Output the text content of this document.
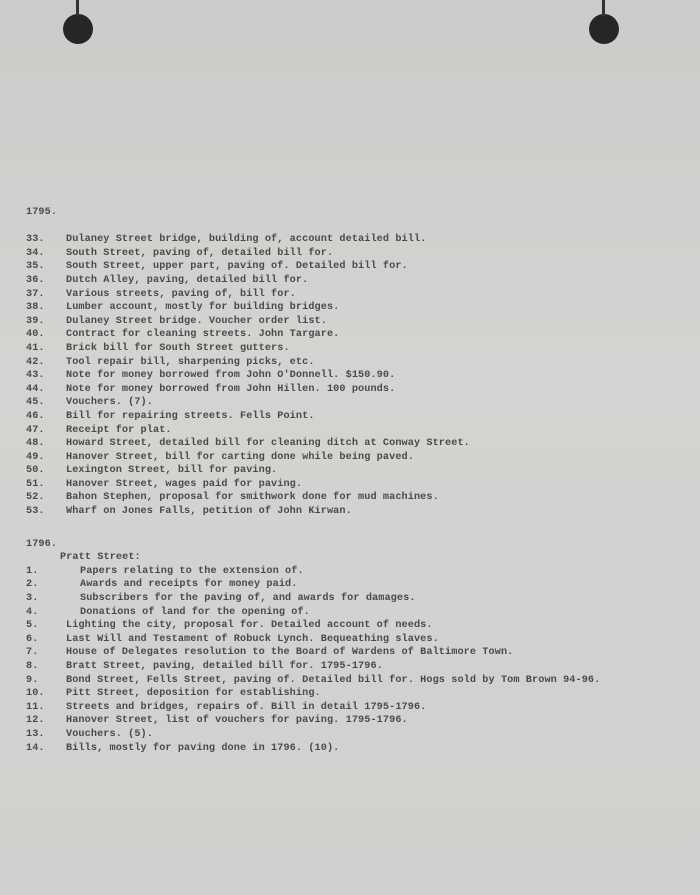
1795.
33. Dulaney Street bridge, building of, account detailed bill.
34. South Street, paving of, detailed bill for.
35. South Street, upper part, paving of. Detailed bill for.
36. Dutch Alley, paving, detailed bill for.
37. Various streets, paving of, bill for.
38. Lumber account, mostly for building bridges.
39. Dulaney Street bridge. Voucher order list.
40. Contract for cleaning streets. John Targare.
41. Brick bill for South Street gutters.
42. Tool repair bill, sharpening picks, etc.
43. Note for money borrowed from John O'Donnell. $150.90.
44. Note for money borrowed from John Hillen. 100 pounds.
45. Vouchers. (7).
46. Bill for repairing streets. Fells Point.
47. Receipt for plat.
48. Howard Street, detailed bill for cleaning ditch at Conway Street.
49. Hanover Street, bill for carting done while being paved.
50. Lexington Street, bill for paving.
51. Hanover Street, wages paid for paving.
52. Bahon Stephen, proposal for smithwork done for mud machines.
53. Wharf on Jones Falls, petition of John Kirwan.
1796.
Pratt Street:
1.	Papers relating to the extension of.
2.	Awards and receipts for money paid.
3.	Subscribers for the paving of, and awards for damages.
4.	Donations of land for the opening of.
5.	Lighting the city, proposal for. Detailed account of needs.
6.	Last Will and Testament of Robuck Lynch. Bequeathing slaves.
7.	House of Delegates resolution to the Board of Wardens of Baltimore Town.
8.	Bratt Street, paving, detailed bill for. 1795-1796.
9.	Bond Street, Fells Street, paving of. Detailed bill for. Hogs sold by Tom Brown 94-96.
10. Pitt Street, deposition for establishing.
11. Streets and bridges, repairs of. Bill in detail 1795-1796.
12. Hanover Street, list of vouchers for paving. 1795-1796.
13. Vouchers. (5).
14. Bills, mostly for paving done in 1796. (10).
